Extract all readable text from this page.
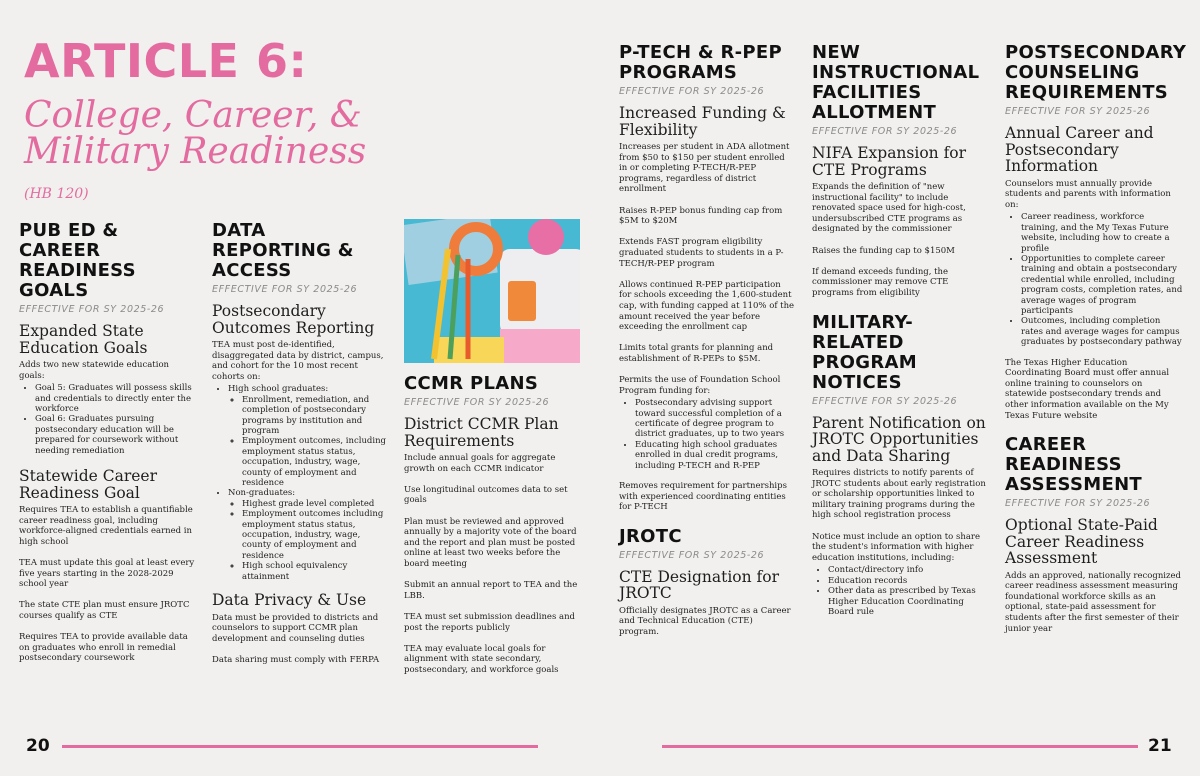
ARTICLE 6:
College, Career, & Military Readiness
(HB 120)
PUB ED & CAREER READINESS GOALS
EFFECTIVE FOR SY 2025-26
Expanded State Education Goals

Adds two new statewide education goals:

• Goal 5: Graduates will possess skills and credentials to directly enter the workforce
• Goal 6: Graduates pursuing postsecondary education will be prepared for coursework without needing remediation
Statewide Career Readiness Goal

Requires TEA to establish a quantifiable career readiness goal, including workforce-aligned credentials earned in high school

TEA must update this goal at least every five years starting in the 2028-2029 school year

The state CTE plan must ensure JROTC courses qualify as CTE

Requires TEA to provide available data on graduates who enroll in remedial postsecondary coursework

DATA REPORTING & ACCESS
EFFECTIVE FOR SY 2025-26
Postsecondary Outcomes Reporting

TEA must post de-identified, disaggregated data by district, campus, and cohort for the 10 most recent cohorts on:

• High school graduates:
◦ Enrollment, remediation, and completion of postsecondary programs by institution and program
◦ Employment outcomes, including employment status status, occupation, industry, wage, county of employment and residence
• Non-graduates:
◦ Highest grade level completed
◦ Employment outcomes including employment status status, occupation, industry, wage, county of employment and residence
◦ High school equivalency attainment
Data Privacy & Use

Data must be provided to districts and counselors to support CCMR plan development and counseling duties

Data sharing must comply with FERPA

CCMR PLANS
EFFECTIVE FOR SY 2025-26
District CCMR Plan Requirements

Include annual goals for aggregate growth on each CCMR indicator

Use longitudinal outcomes data to set goals

Plan must be reviewed and approved annually by a majority vote of the board and the report and plan must be posted online at least two weeks before the board meeting

Submit an annual report to TEA and the LBB.

TEA must set submission deadlines and post the reports publicly

TEA may evaluate local goals for alignment with state secondary, postsecondary, and workforce goals

P-TECH & R-PEP PROGRAMS
EFFECTIVE FOR SY 2025-26
Increased Funding & Flexibility

Increases per student in ADA allotment from $50 to $150 per student enrolled in or completing P-TECH/R-PEP programs, regardless of district enrollment

Raises R-PEP bonus funding cap from $5M to $20M

Extends FAST program eligibility graduated students to students in a P-TECH/R-PEP program

Allows continued R-PEP participation for schools exceeding the 1,600-student cap, with funding capped at 110% of the amount received the year before exceeding the enrollment cap

Limits total grants for planning and establishment of R-PEPs to $5M.

Permits the use of Foundation School Program funding for:

• Postsecondary advising support toward successful completion of a certificate of degree program to district graduates, up to two years
• Educating high school graduates enrolled in dual credit programs, including P-TECH and R-PEP

Removes requirement for partnerships with experienced coordinating entities for P-TECH

JROTC
EFFECTIVE FOR SY 2025-26
CTE Designation for JROTC

Officially designates JROTC as a Career and Technical Education (CTE) program.

NEW INSTRUCTIONAL FACILITIES ALLOTMENT
EFFECTIVE FOR SY 2025-26
NIFA Expansion for CTE Programs

Expands the definition of "new instructional facility" to include renovated space used for high-cost, undersubscribed CTE programs as designated by the commissioner

Raises the funding cap to $150M

If demand exceeds funding, the commissioner may remove CTE programs from eligibility

MILITARY-RELATED PROGRAM NOTICES
EFFECTIVE FOR SY 2025-26
Parent Notification on JROTC Opportunities and Data Sharing

Requires districts to notify parents of JROTC students about early registration or scholarship opportunities linked to military training programs during the high school registration process

Notice must include an option to share the student's information with higher education institutions, including:

• Contact/directory info
• Education records
• Other data as prescribed by Texas Higher Education Coordinating Board rule
POSTSECONDARY COUNSELING REQUIREMENTS
EFFECTIVE FOR SY 2025-26
Annual Career and Postsecondary Information

Counselors must annually provide students and parents with information on:

• Career readiness, workforce training, and the My Texas Future website, including how to create a profile
• Opportunities to complete career training and obtain a postsecondary credential while enrolled, including program costs, completion rates, and average wages of program participants
• Outcomes, including completion rates and average wages for campus graduates by postsecondary pathway

The Texas Higher Education Coordinating Board must offer annual online training to counselors on statewide postsecondary trends and other information available on the My Texas Future website

CAREER READINESS ASSESSMENT
EFFECTIVE FOR SY 2025-26
Optional State-Paid Career Readiness Assessment

Adds an approved, nationally recognized career readiness assessment measuring foundational workforce skills as an optional, state-paid assessment for students after the first semester of their junior year

20	21
